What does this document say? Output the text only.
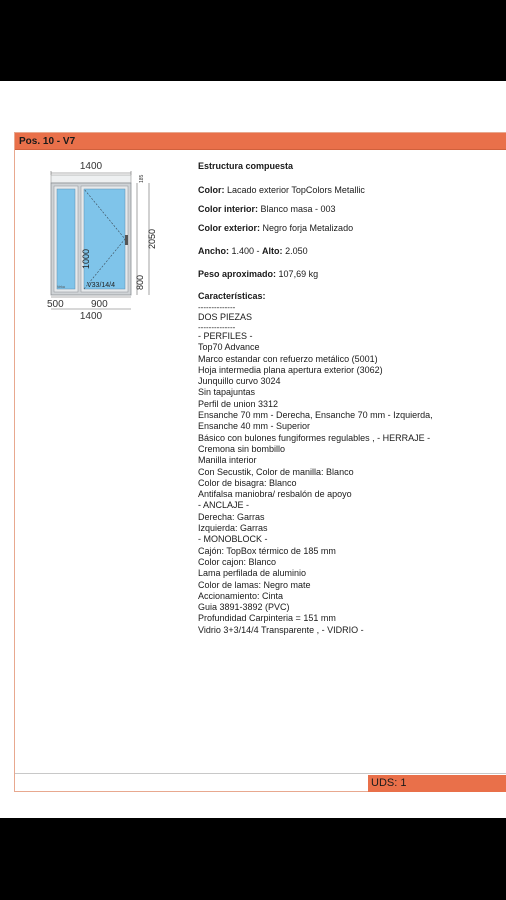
Pos. 10 - V7
1400
185
1000
V33/14/4
Veka
2050
800
500	900
1400
Estructura compuesta
Color: Lacado exterior TopColors Metallic
Color interior: Blanco masa - 003
Color exterior: Negro forja Metalizado
Ancho: 1.400 - Alto: 2.050
Peso aproximado: 107,69 kg
Características:
--------------
DOS PIEZAS
--------------
- PERFILES -
Top70 Advance
Marco estandar con refuerzo metálico (5001)
Hoja intermedia plana apertura exterior (3062)
Junquillo curvo 3024
Sin tapajuntas
Perfil de union 3312
Ensanche 70 mm - Derecha, Ensanche 70 mm - Izquierda,
Ensanche 40 mm - Superior
Básico con bulones fungiformes regulables , - HERRAJE -
Cremona sin bombillo
Manilla interior
Con Secustik, Color de manilla: Blanco
Color de bisagra: Blanco
Antifalsa maniobra/ resbalón de apoyo
- ANCLAJE -
Derecha: Garras
Izquierda: Garras
- MONOBLOCK -
Cajón: TopBox térmico de 185 mm
Color cajon: Blanco
Lama perfilada de aluminio
Color de lamas: Negro mate
Accionamiento: Cinta
Guia 3891-3892 (PVC)
Profundidad Carpinteria = 151 mm
Vidrio 3+3/14/4 Transparente , - VIDRIO -
UDS: 1
